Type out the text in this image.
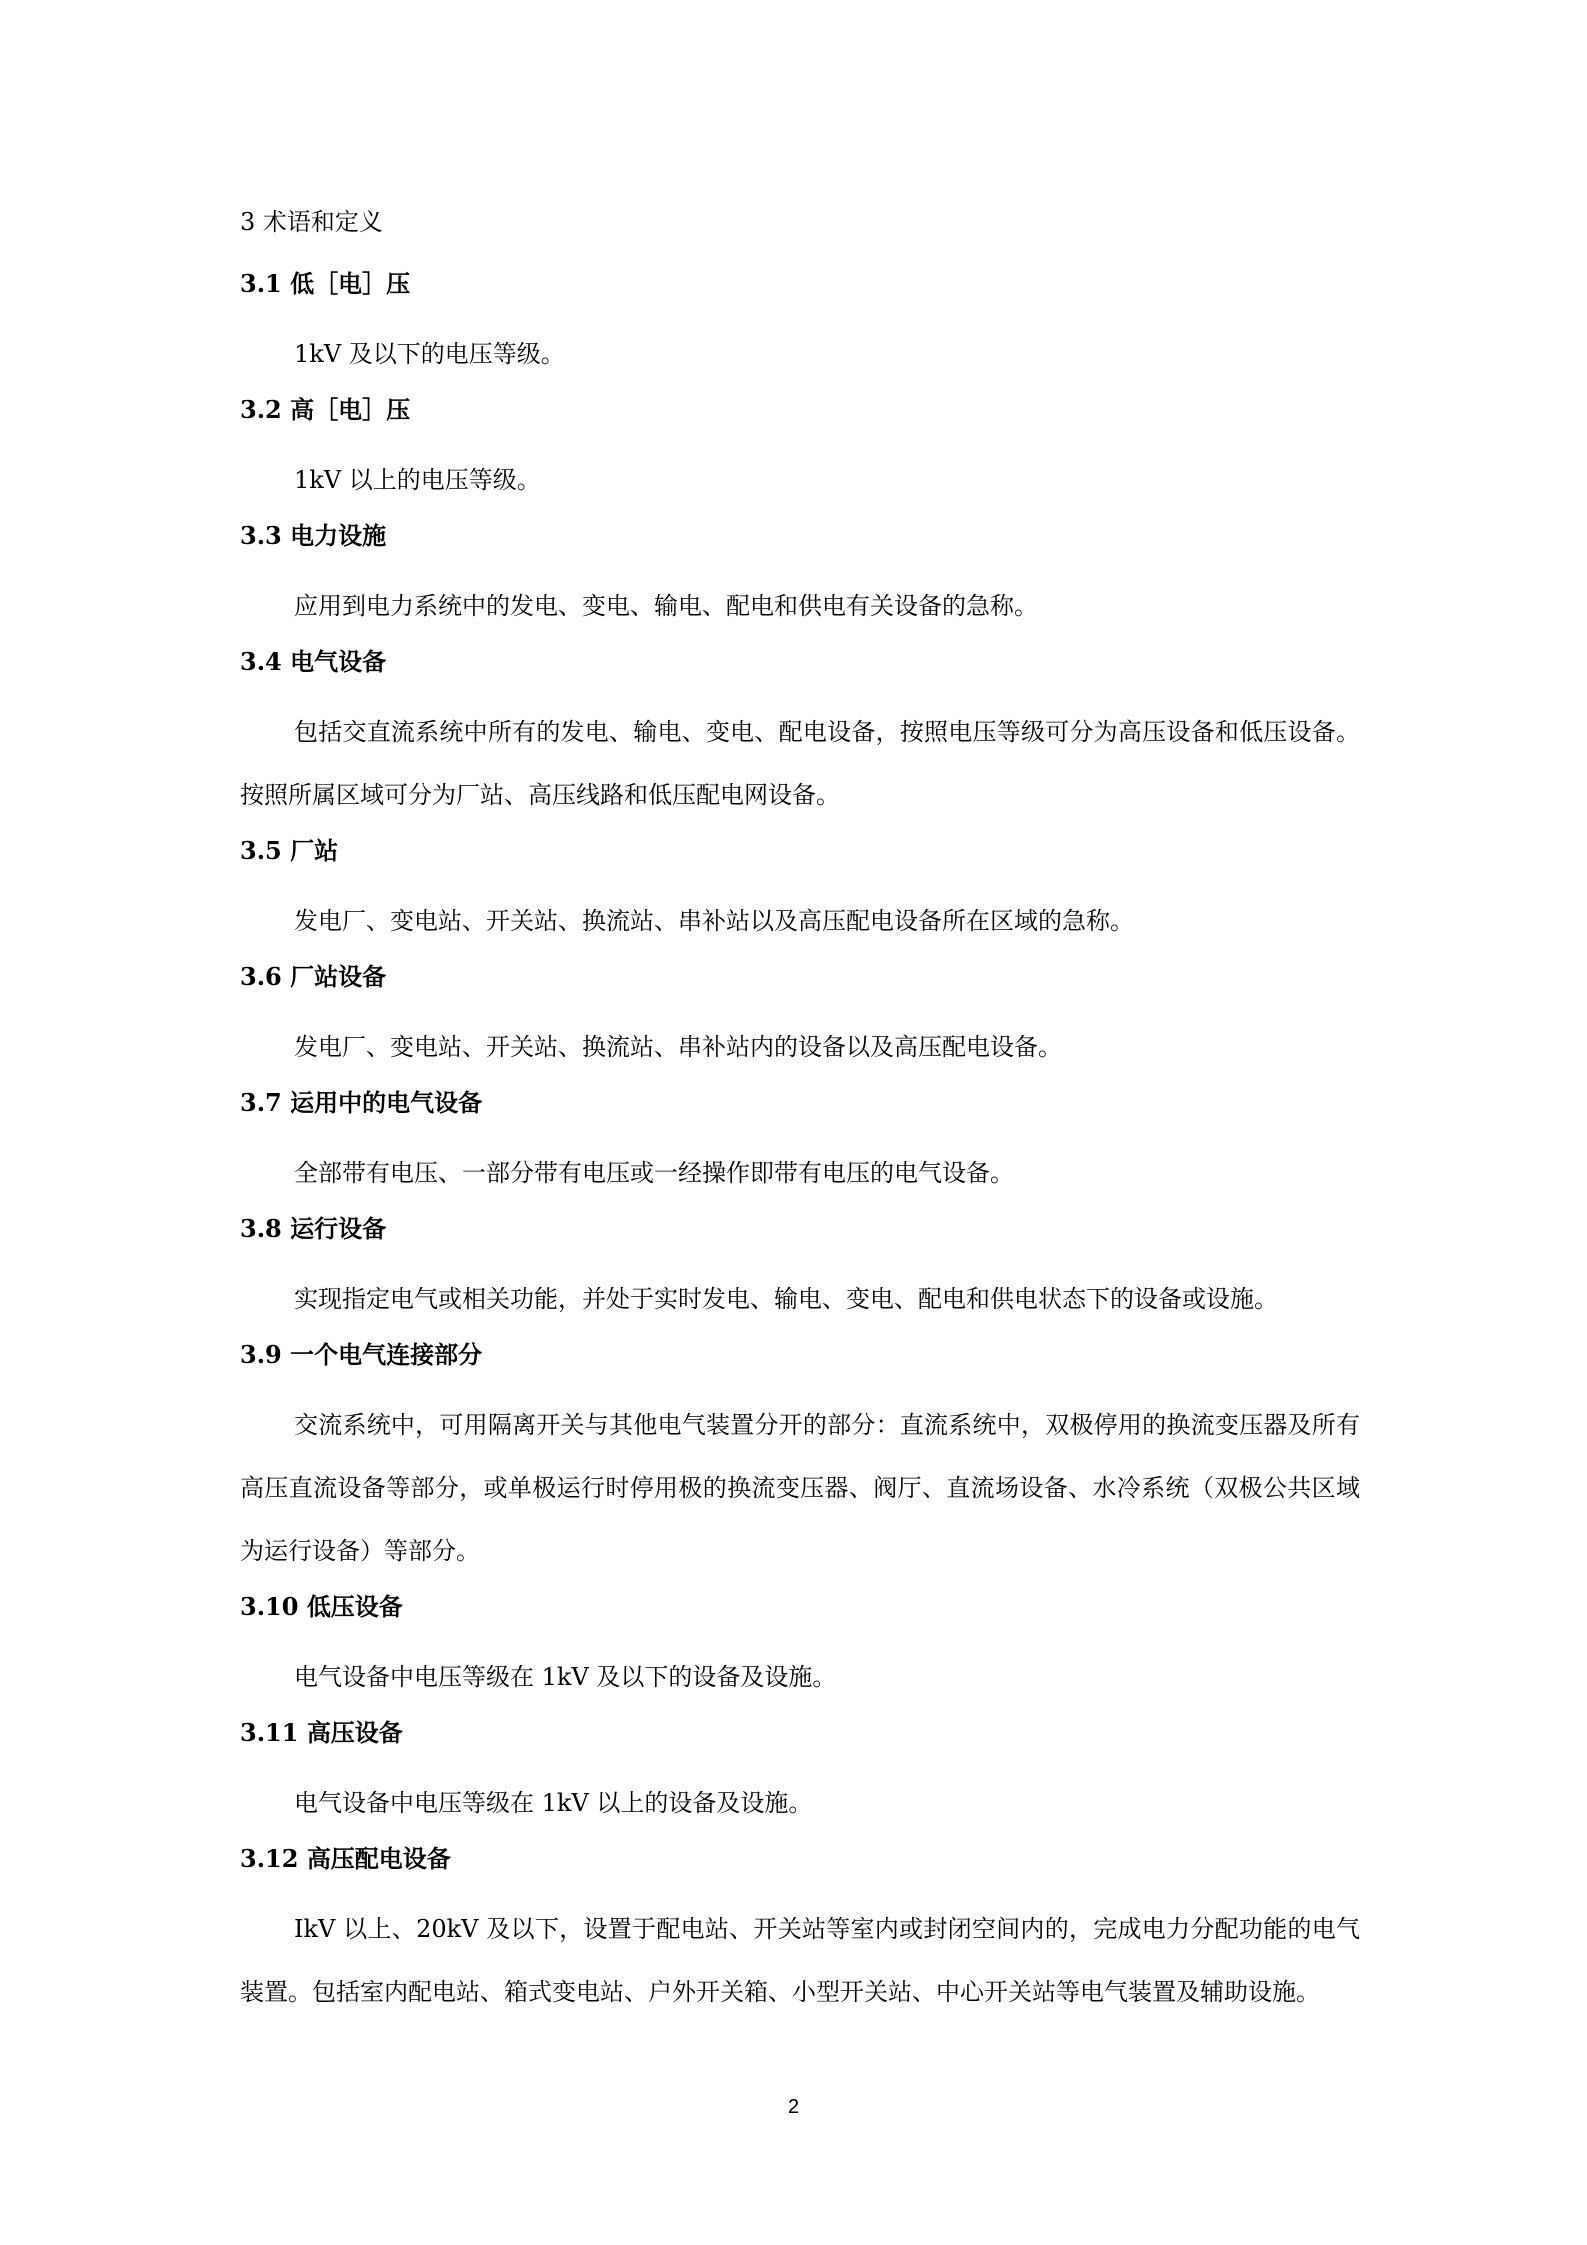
3 术语和定义
3.1 低［电］压
1kV 及以下的电压等级。
3.2 高［电］压
1kV 以上的电压等级。
3.3 电力设施
应用到电力系统中的发电、变电、输电、配电和供电有关设备的急称。
3.4 电气设备
包括交直流系统中所有的发电、输电、变电、配电设备，按照电压等级可分为高压设备和低压设备。按照所属区域可分为厂站、高压线路和低压配电网设备。
3.5 厂站
发电厂、变电站、开关站、换流站、串补站以及高压配电设备所在区域的急称。
3.6 厂站设备
发电厂、变电站、开关站、换流站、串补站内的设备以及高压配电设备。
3.7 运用中的电气设备
全部带有电压、一部分带有电压或一经操作即带有电压的电气设备。
3.8 运行设备
实现指定电气或相关功能，并处于实时发电、输电、变电、配电和供电状态下的设备或设施。
3.9 一个电气连接部分
交流系统中，可用隔离开关与其他电气装置分开的部分：直流系统中，双极停用的换流变压器及所有高压直流设备等部分，或单极运行时停用极的换流变压器、阀厅、直流场设备、水冷系统（双极公共区域为运行设备）等部分。
3.10 低压设备
电气设备中电压等级在 1kV 及以下的设备及设施。
3.11 高压设备
电气设备中电压等级在 1kV 以上的设备及设施。
3.12 高压配电设备
IkV 以上、20kV 及以下，设置于配电站、开关站等室内或封闭空间内的，完成电力分配功能的电气装置。包括室内配电站、箱式变电站、户外开关箱、小型开关站、中心开关站等电气装置及辅助设施。
2
